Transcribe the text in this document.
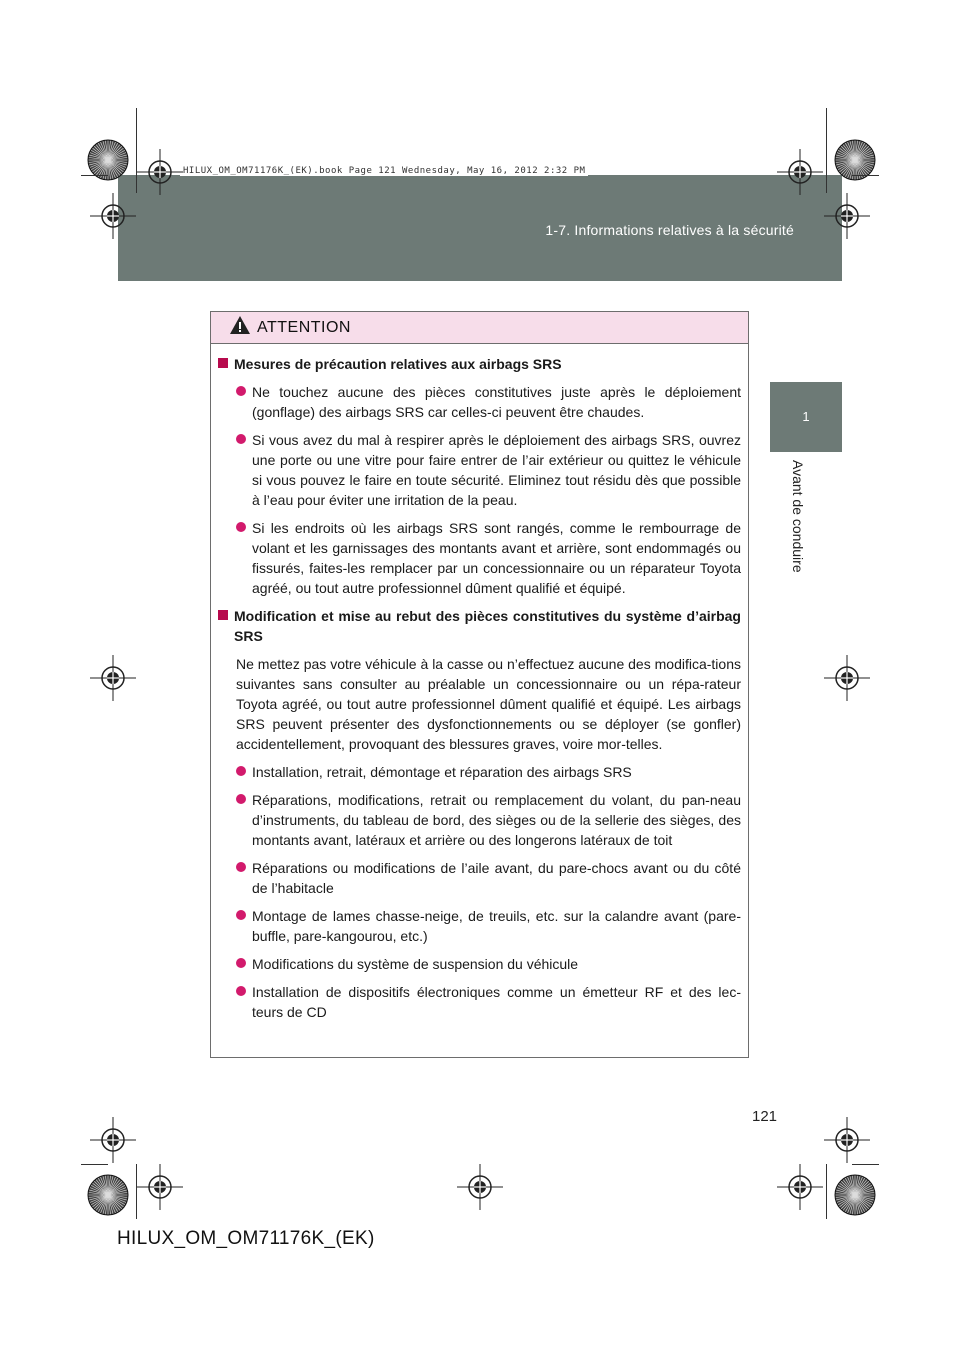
1-7. Informations relatives à la sécurité
HILUX_OM_OM71176K_(EK).book Page 121 Wednesday, May 16, 2012 2:32 PM
1
Avant de conduire
ATTENTION
Mesures de précaution relatives aux airbags SRS
Ne touchez aucune des pièces constitutives juste après le déploiement (gonflage) des airbags SRS car celles-ci peuvent être chaudes.
Si vous avez du mal à respirer après le déploiement des airbags SRS, ouvrez une porte ou une vitre pour faire entrer de l’air extérieur ou quittez le véhicule si vous pouvez le faire en toute sécurité. Eliminez tout résidu dès que possible à l’eau pour éviter une irritation de la peau.
Si les endroits où les airbags SRS sont rangés, comme le rembourrage de volant et les garnissages des montants avant et arrière, sont endommagés ou fissurés, faites-les remplacer par un concessionnaire ou un réparateur Toyota agréé, ou tout autre professionnel dûment qualifié et équipé.
Modification et mise au rebut des pièces constitutives du système d’airbag SRS
Ne mettez pas votre véhicule à la casse ou n’effectuez aucune des modifica-tions suivantes sans consulter au préalable un concessionnaire ou un répa-rateur Toyota agréé, ou tout autre professionnel dûment qualifié et équipé. Les airbags SRS peuvent présenter des dysfonctionnements ou se déployer (se gonfler) accidentellement, provoquant des blessures graves, voire mor-telles.
Installation, retrait, démontage et réparation des airbags SRS
Réparations, modifications, retrait ou remplacement du volant, du pan-neau d’instruments, du tableau de bord, des sièges ou de la sellerie des sièges, des montants avant, latéraux et arrière ou des longerons latéraux de toit
Réparations ou modifications de l’aile avant, du pare-chocs avant ou du côté de l’habitacle
Montage de lames chasse-neige, de treuils, etc. sur la calandre avant (pare-buffle, pare-kangourou, etc.)
Modifications du système de suspension du véhicule
Installation de dispositifs électroniques comme un émetteur RF et des lec-teurs de CD
121
HILUX_OM_OM71176K_(EK)
